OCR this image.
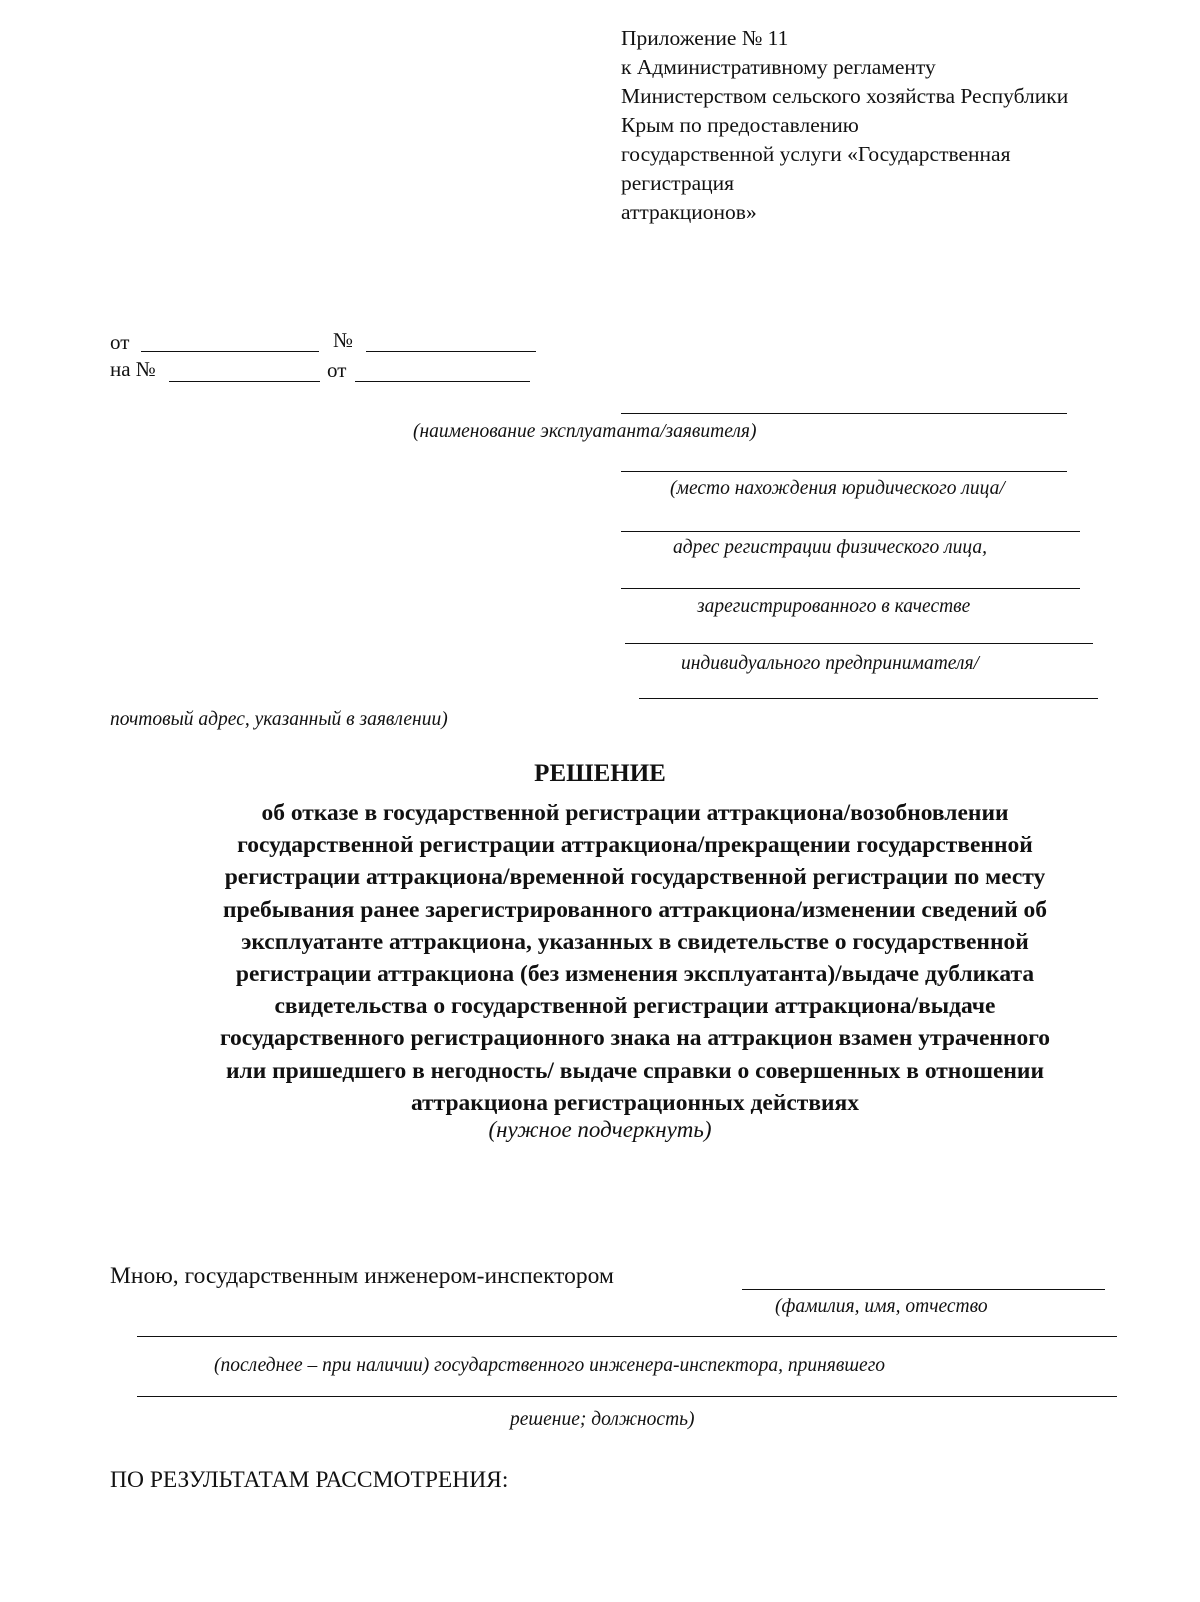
Приложение № 11
к Административному регламенту
Министерством сельского хозяйства Республики
Крым по предоставлению
государственной услуги «Государственная
регистрация
аттракционов»
от	№
на №	от
(наименование эксплуатанта/заявителя)
(место нахождения юридического лица/
адрес регистрации физического лица,
зарегистрированного в качестве
индивидуального предпринимателя/
почтовый адрес, указанный в заявлении)
РЕШЕНИЕ
об отказе в государственной регистрации аттракциона/возобновлении
государственной регистрации аттракциона/прекращении государственной
регистрации аттракциона/временной государственной регистрации по месту
пребывания ранее зарегистрированного аттракциона/изменении сведений об
эксплуатанте аттракциона, указанных в свидетельстве о государственной
регистрации аттракциона (без изменения эксплуатанта)/выдаче дубликата
свидетельства о государственной регистрации аттракциона/выдаче
государственного регистрационного знака на аттракцион взамен утраченного
или пришедшего в негодность/ выдаче справки о совершенных в отношении
аттракциона регистрационных действиях
(нужное подчеркнуть)
Мною, государственным инженером-инспектором
(фамилия, имя, отчество
(последнее – при наличии) государственного инженера-инспектора, принявшего
решение; должность)
ПО РЕЗУЛЬТАТАМ РАССМОТРЕНИЯ:
